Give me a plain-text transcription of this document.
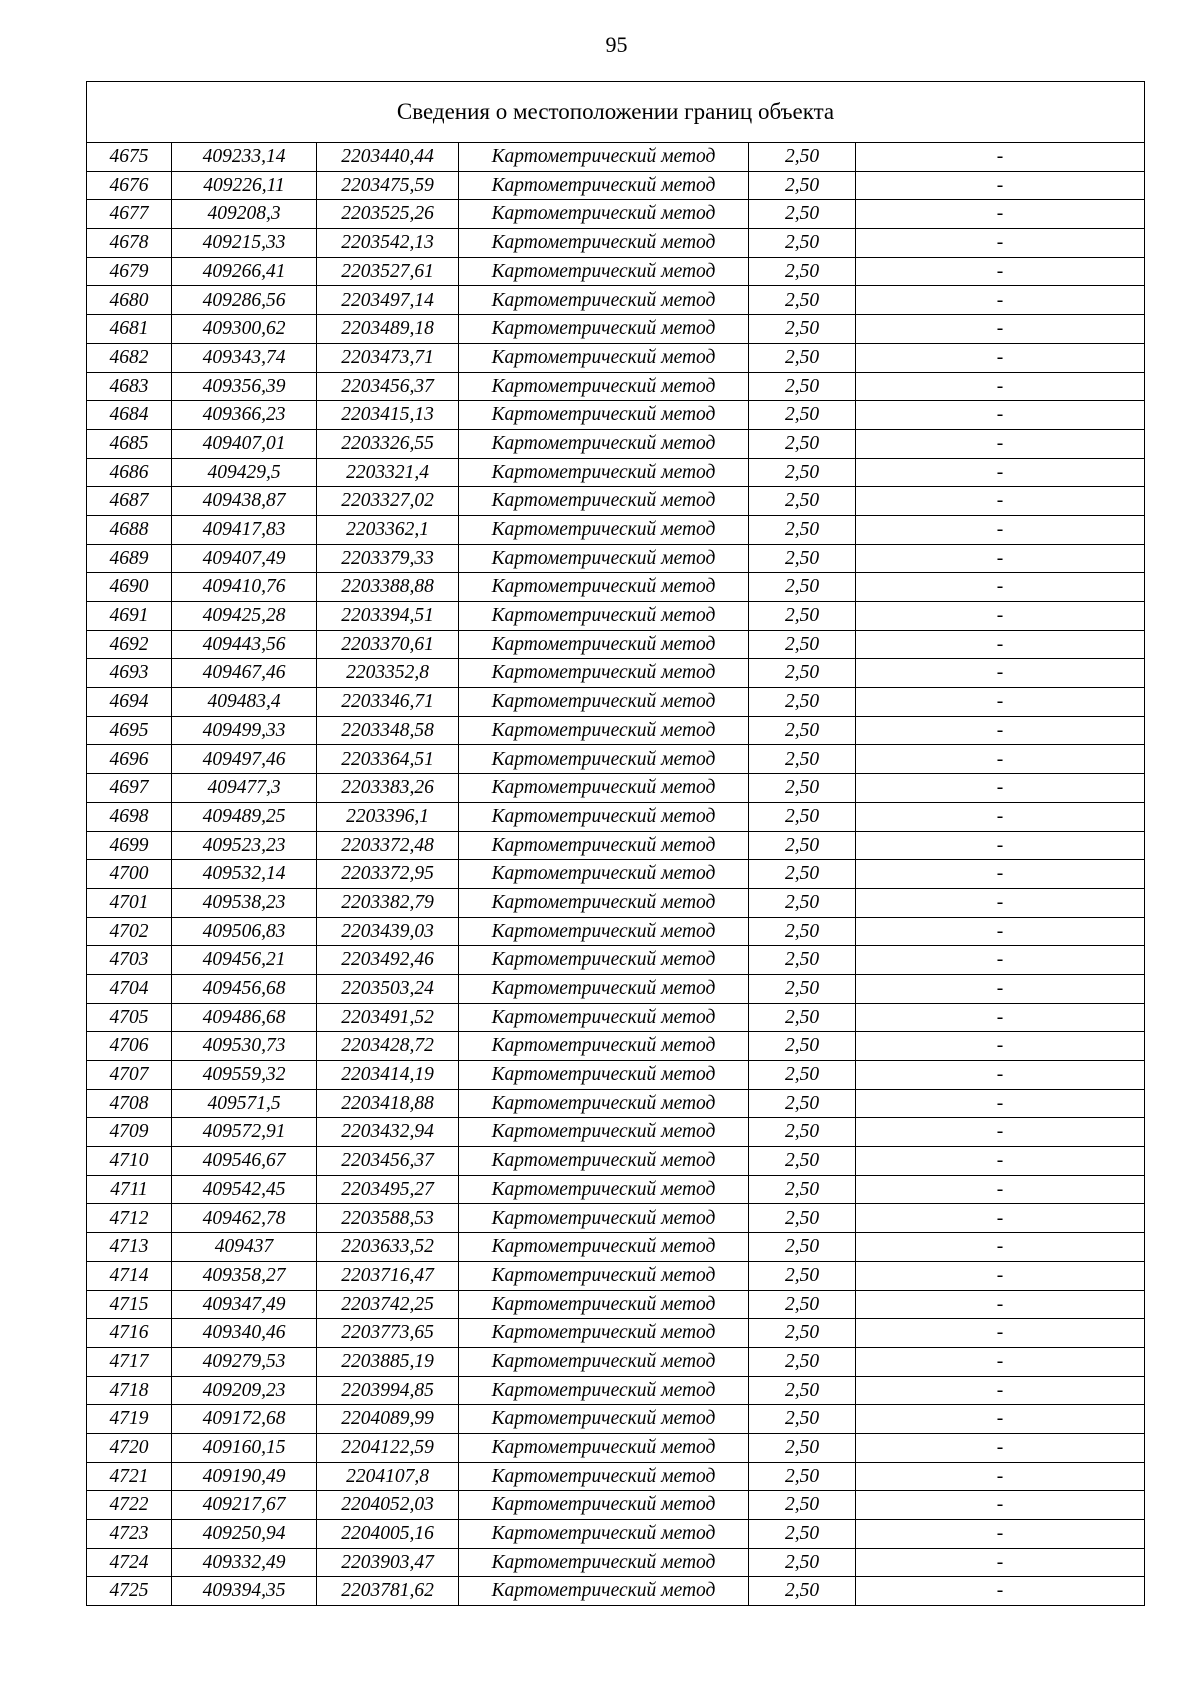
95
Сведения о местоположении границ объекта					
4675	409233,14	2203440,44	Картометрический метод	2,50	-
4676	409226,11	2203475,59	Картометрический метод	2,50	-
4677	409208,3	2203525,26	Картометрический метод	2,50	-
4678	409215,33	2203542,13	Картометрический метод	2,50	-
4679	409266,41	2203527,61	Картометрический метод	2,50	-
4680	409286,56	2203497,14	Картометрический метод	2,50	-
4681	409300,62	2203489,18	Картометрический метод	2,50	-
4682	409343,74	2203473,71	Картометрический метод	2,50	-
4683	409356,39	2203456,37	Картометрический метод	2,50	-
4684	409366,23	2203415,13	Картометрический метод	2,50	-
4685	409407,01	2203326,55	Картометрический метод	2,50	-
4686	409429,5	2203321,4	Картометрический метод	2,50	-
4687	409438,87	2203327,02	Картометрический метод	2,50	-
4688	409417,83	2203362,1	Картометрический метод	2,50	-
4689	409407,49	2203379,33	Картометрический метод	2,50	-
4690	409410,76	2203388,88	Картометрический метод	2,50	-
4691	409425,28	2203394,51	Картометрический метод	2,50	-
4692	409443,56	2203370,61	Картометрический метод	2,50	-
4693	409467,46	2203352,8	Картометрический метод	2,50	-
4694	409483,4	2203346,71	Картометрический метод	2,50	-
4695	409499,33	2203348,58	Картометрический метод	2,50	-
4696	409497,46	2203364,51	Картометрический метод	2,50	-
4697	409477,3	2203383,26	Картометрический метод	2,50	-
4698	409489,25	2203396,1	Картометрический метод	2,50	-
4699	409523,23	2203372,48	Картометрический метод	2,50	-
4700	409532,14	2203372,95	Картометрический метод	2,50	-
4701	409538,23	2203382,79	Картометрический метод	2,50	-
4702	409506,83	2203439,03	Картометрический метод	2,50	-
4703	409456,21	2203492,46	Картометрический метод	2,50	-
4704	409456,68	2203503,24	Картометрический метод	2,50	-
4705	409486,68	2203491,52	Картометрический метод	2,50	-
4706	409530,73	2203428,72	Картометрический метод	2,50	-
4707	409559,32	2203414,19	Картометрический метод	2,50	-
4708	409571,5	2203418,88	Картометрический метод	2,50	-
4709	409572,91	2203432,94	Картометрический метод	2,50	-
4710	409546,67	2203456,37	Картометрический метод	2,50	-
4711	409542,45	2203495,27	Картометрический метод	2,50	-
4712	409462,78	2203588,53	Картометрический метод	2,50	-
4713	409437	2203633,52	Картометрический метод	2,50	-
4714	409358,27	2203716,47	Картометрический метод	2,50	-
4715	409347,49	2203742,25	Картометрический метод	2,50	-
4716	409340,46	2203773,65	Картометрический метод	2,50	-
4717	409279,53	2203885,19	Картометрический метод	2,50	-
4718	409209,23	2203994,85	Картометрический метод	2,50	-
4719	409172,68	2204089,99	Картометрический метод	2,50	-
4720	409160,15	2204122,59	Картометрический метод	2,50	-
4721	409190,49	2204107,8	Картометрический метод	2,50	-
4722	409217,67	2204052,03	Картометрический метод	2,50	-
4723	409250,94	2204005,16	Картометрический метод	2,50	-
4724	409332,49	2203903,47	Картометрический метод	2,50	-
4725	409394,35	2203781,62	Картометрический метод	2,50	-
